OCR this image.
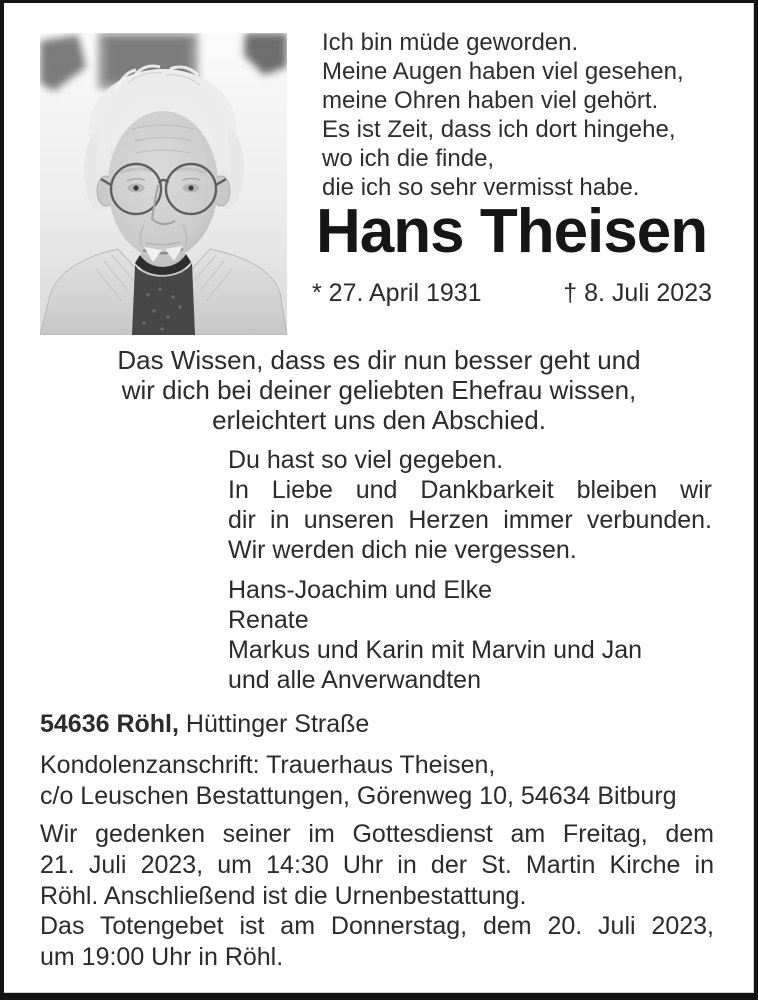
Ich bin müde geworden.
Meine Augen haben viel gesehen,
meine Ohren haben viel gehört.
Es ist Zeit, dass ich dort hingehe,
wo ich die finde,
die ich so sehr vermisst habe.
Hans Theisen
* 27. April 1931	† 8. Juli 2023
Das Wissen, dass es dir nun besser geht und
wir dich bei deiner geliebten Ehefrau wissen,
erleichtert uns den Abschied.
Du hast so viel gegeben.
In Liebe und Dankbarkeit bleiben wir
dir in unseren Herzen immer verbunden.
Wir werden dich nie vergessen.
Hans-Joachim und Elke
Renate
Markus und Karin mit Marvin und Jan
und alle Anverwandten
54636 Röhl, Hüttinger Straße
Kondolenzanschrift: Trauerhaus Theisen,
c/o Leuschen Bestattungen, Görenweg 10, 54634 Bitburg
Wir gedenken seiner im Gottesdienst am Freitag, dem
21. Juli 2023, um 14:30 Uhr in der St. Martin Kirche in
Röhl. Anschließend ist die Urnenbestattung.
Das Totengebet ist am Donnerstag, dem 20. Juli 2023,
um 19:00 Uhr in Röhl.
